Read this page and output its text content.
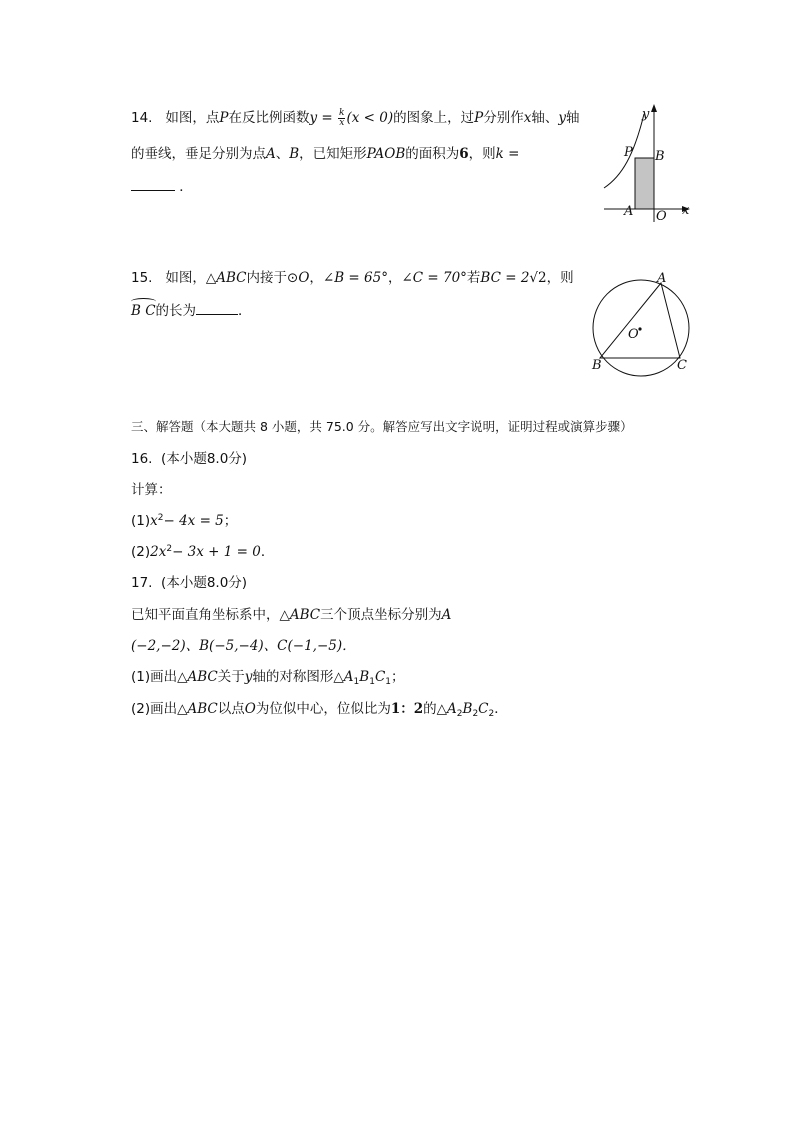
14. 如图，点P在反比例函数$y = \frac{k}{x} (x < 0)$的图象上，过P分别作x轴、y轴
的垂线，垂足分别为点A、B，已知矩形PAOB的面积为6，则k =
．
y
x
P B
A O
15. 如图，△ABC内接于⊙O，∠B = 65°，∠C = 70°若BC = 2√2，则
B C的长为	．
A
B	C
O
三、解答题（本大题共 8 小题，共 75.0 分。解答应写出文字说明，证明过程或演算步骤）
16.  (本小题8.0分)
计算：
$(1)x^2- 4x = 5$；
$(2)2x^2- 3x + 1 = 0$．
17.  (本小题8.0分)
已知平面直角坐标系中，△ABC三个顶点坐标分别为A
(−2,−2)、B(−5,−4)、C(−1,−5)．
(1)画出△ABC关于y轴的对称图形$\triangle A_1B_1C_1$；
(2)画出△ABC以点O为位似中心，位似比为1：2的$\triangle A_2B_2C_2$．
